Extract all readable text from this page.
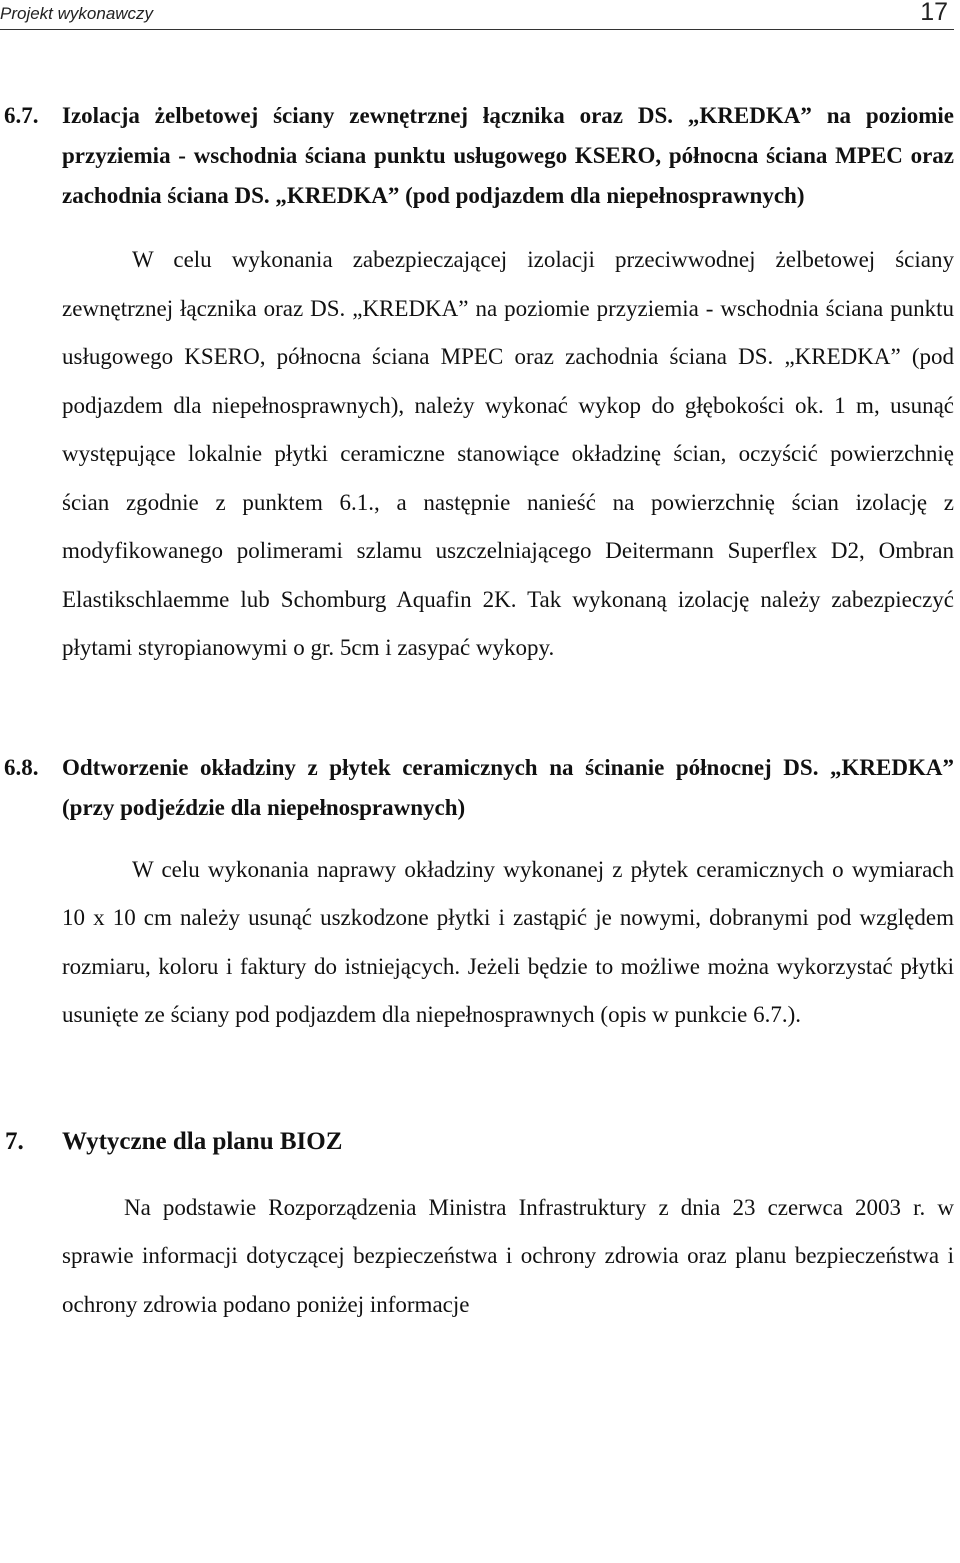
Projekt wykonawczy	17
6.7. Izolacja żelbetowej ściany zewnętrznej łącznika oraz DS. „KREDKA” na poziomie przyziemia - wschodnia ściana punktu usługowego KSERO, północna ściana MPEC oraz zachodnia ściana DS. „KREDKA” (pod podjazdem dla niepełnosprawnych)

W celu wykonania zabezpieczającej izolacji przeciwwodnej żelbetowej ściany zewnętrznej łącznika oraz DS. „KREDKA” na poziomie przyziemia - wschodnia ściana punktu usługowego KSERO, północna ściana MPEC oraz zachodnia ściana DS. „KREDKA” (pod podjazdem dla niepełnosprawnych), należy wykonać wykop do głębokości ok. 1 m, usunąć występujące lokalnie płytki ceramiczne stanowiące okładzinę ścian, oczyścić powierzchnię ścian zgodnie z punktem 6.1., a następnie nanieść na powierzchnię ścian izolację z modyfikowanego polimerami szlamu uszczelniającego Deitermann Superflex D2, Ombran Elastikschlaemme lub Schomburg Aquafin 2K. Tak wykonaną izolację należy zabezpieczyć płytami styropianowymi o gr. 5cm i zasypać wykopy.

6.8. Odtworzenie okładziny z płytek ceramicznych na ścinanie północnej DS. „KREDKA” (przy podjeździe dla niepełnosprawnych)

W celu wykonania naprawy okładziny wykonanej z płytek ceramicznych o wymiarach 10 x 10 cm należy usunąć uszkodzone płytki i zastąpić je nowymi, dobranymi pod względem rozmiaru, koloru i faktury do istniejących. Jeżeli będzie to możliwe można wykorzystać płytki usunięte ze ściany pod podjazdem dla niepełnosprawnych (opis w punkcie 6.7.).

7. Wytyczne dla planu BIOZ

Na podstawie Rozporządzenia Ministra Infrastruktury z dnia 23 czerwca 2003 r. w sprawie informacji dotyczącej bezpieczeństwa i ochrony zdrowia oraz planu bezpieczeństwa i ochrony zdrowia podano poniżej informacje
